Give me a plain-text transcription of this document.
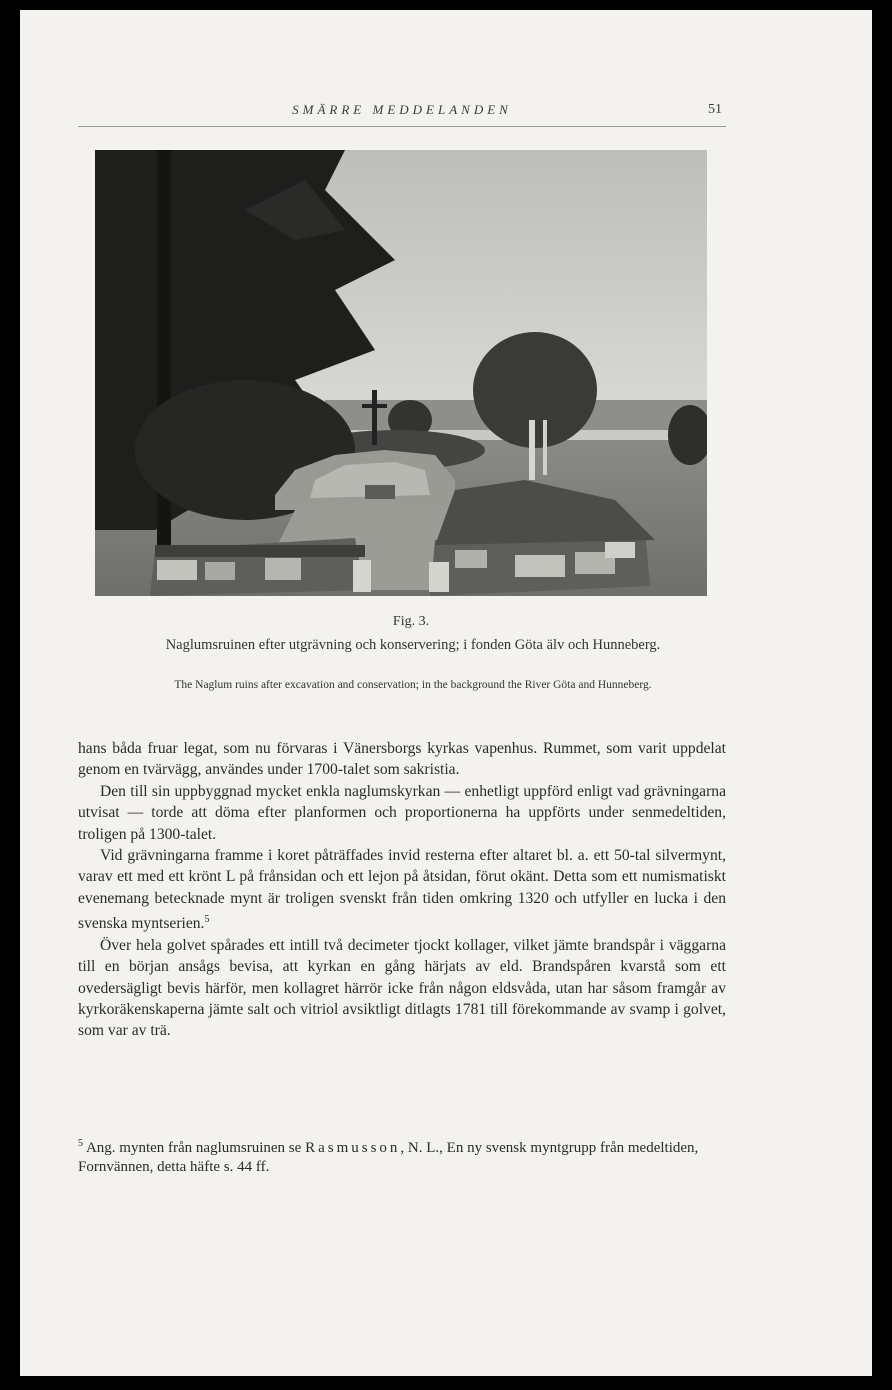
SMÄRRE MEDDELANDEN	51
Fig. 3.
Naglumsruinen efter utgrävning och konservering; i fonden Göta älv och Hunneberg.
The Naglum ruins after excavation and conservation; in the background the River Göta and Hunneberg.

hans båda fruar legat, som nu förvaras i Vänersborgs kyrkas vapenhus. Rummet, som varit uppdelat genom en tvärvägg, användes under 1700-talet som sakristia.

Den till sin uppbyggnad mycket enkla naglumskyrkan — enhetligt uppförd enligt vad grävningarna utvisat — torde att döma efter planformen och proportionerna ha uppförts under senmedeltiden, troligen på 1300-talet.

Vid grävningarna framme i koret påträffades invid resterna efter altaret bl. a. ett 50-tal silvermynt, varav ett med ett krönt L på frånsidan och ett lejon på åtsidan, förut okänt. Detta som ett numismatiskt evenemang betecknade mynt är troligen svenskt från tiden omkring 1320 och utfyller en lucka i den svenska myntserien.$^5$

Över hela golvet spårades ett intill två decimeter tjockt kollager, vilket jämte brandspår i väggarna till en början ansågs bevisa, att kyrkan en gång härjats av eld. Brandspåren kvarstå som ett ovedersägligt bevis härför, men kollagret härrör icke från någon eldsvåda, utan har såsom framgår av kyrkoräkenskaperna jämte salt och vitriol avsiktligt ditlagts 1781 till förekommande av svamp i golvet, som var av trä.

$^5$ Ang. mynten från naglumsruinen se Rasmusson, N. L., En ny svensk myntgrupp från medeltiden, Fornvännen, detta häfte s. 44 ff.
